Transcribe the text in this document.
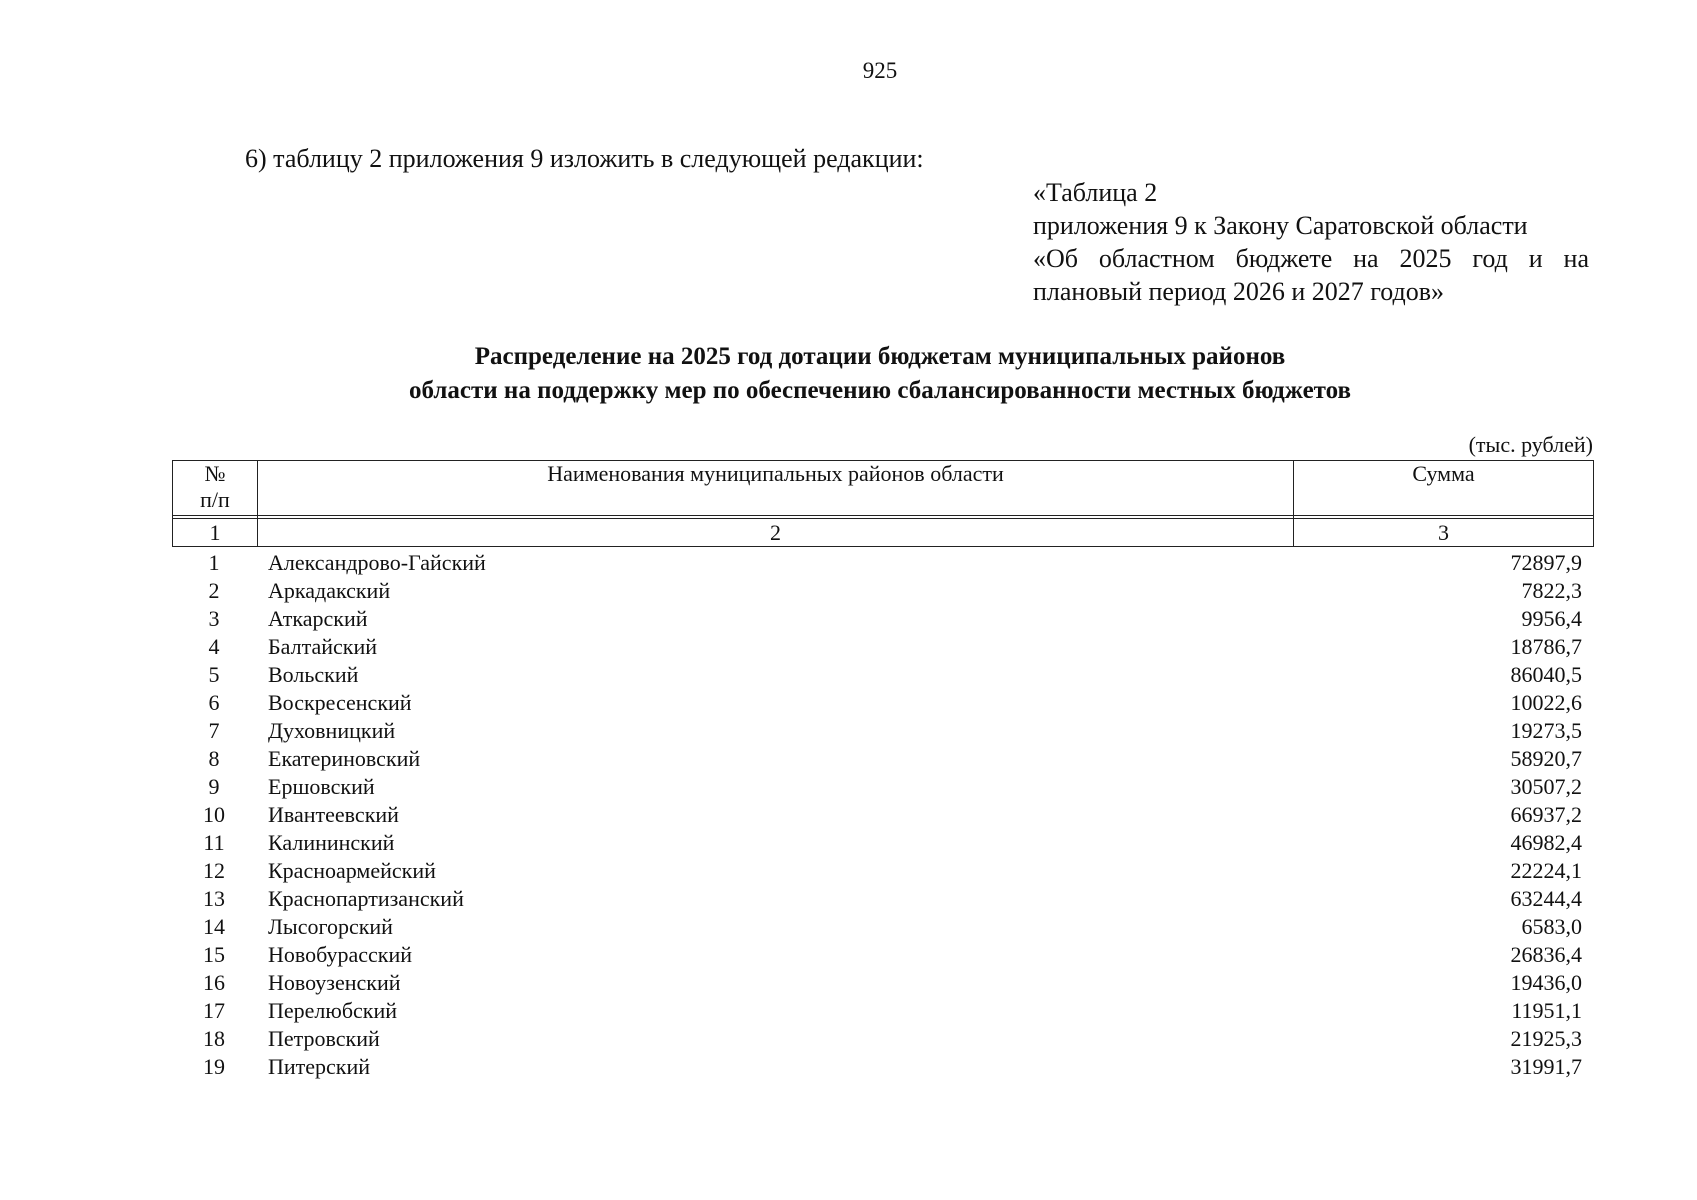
925
6) таблицу 2 приложения 9 изложить в следующей редакции:
«Таблица 2
приложения 9 к Закону Саратовской области
«Об областном бюджете на 2025 год и на
плановый период 2026 и 2027 годов»
Распределение на 2025 год дотации бюджетам муниципальных районов
области на поддержку мер по обеспечению сбалансированности местных бюджетов
(тыс. рублей)
№
п/п	Наименования муниципальных районов области	Сумма

1	2	3
1	Александрово-Гайский	72897,9
2	Аркадакский	7822,3
3	Аткарский	9956,4
4	Балтайский	18786,7
5	Вольский	86040,5
6	Воскресенский	10022,6
7	Духовницкий	19273,5
8	Екатериновский	58920,7
9	Ершовский	30507,2
10	Ивантеевский	66937,2
11	Калининский	46982,4
12	Красноармейский	22224,1
13	Краснопартизанский	63244,4
14	Лысогорский	6583,0
15	Новобурасский	26836,4
16	Новоузенский	19436,0
17	Перелюбский	11951,1
18	Петровский	21925,3
19	Питерский	31991,7
